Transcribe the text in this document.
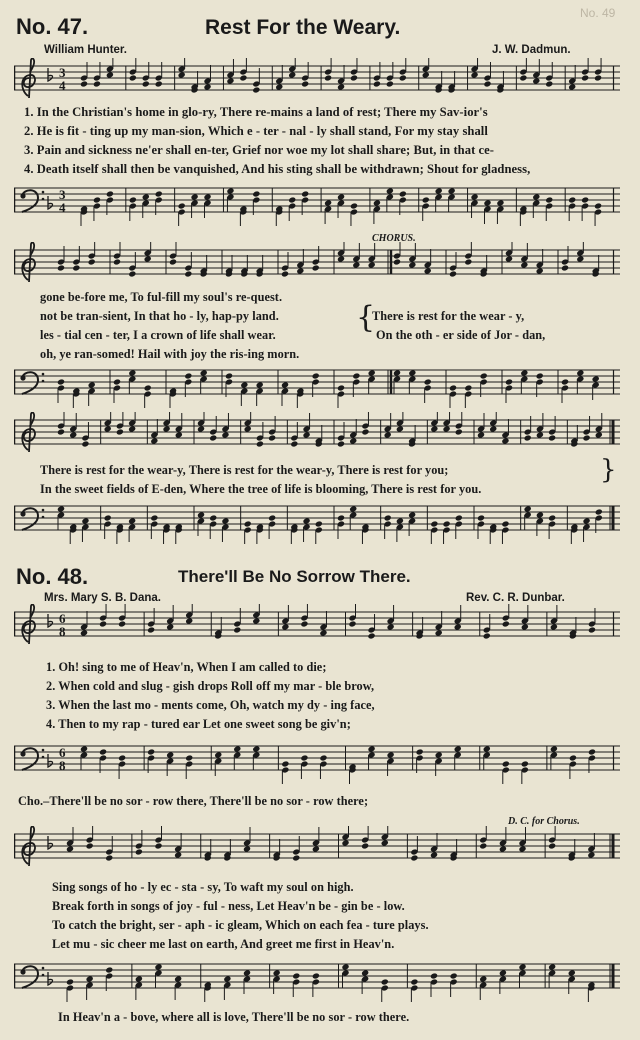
No. 49
No. 47.	Rest For the Weary.
William Hunter.	J. W. Dadmun.
3
4
1. In the Christian's home in glo-ry, There re-mains a land of rest; There my Sav-ior's
2. He is fit - ting up my man-sion, Which e - ter - nal - ly shall stand, For my stay shall
3. Pain and sickness ne'er shall en-ter, Grief nor woe my lot shall share; But, in that ce-
4. Death itself shall then be vanquished, And his sting shall be withdrawn; Shout for gladness,
3
4
CHORUS.
gone be-fore me, To ful-fill my soul's re-quest.
not be tran-sient, In that ho - ly, hap-py land.
les - tial cen - ter, I a crown of life shall wear.
oh, ye ran-somed! Hail with joy the ris-ing morn.
{
There is rest for the wear - y,
On the oth - er side of Jor - dan,
There is rest for the wear-y, There is rest for the wear-y, There is rest for you;
In the sweet fields of E-den, Where the tree of life is blooming, There is rest for you.
}
No. 48.	There'll Be No Sorrow There.
Mrs. Mary S. B. Dana.	Rev. C. R. Dunbar.
6
8
1. Oh! sing to me of Heav'n, When I am called to die;
2. When cold and slug - gish drops Roll off my mar - ble brow,
3. When the last mo - ments come, Oh, watch my dy - ing face,
4. Then to my rap - tured ear Let one sweet song be giv'n;
6
8
Cho.–There'll be no sor - row there, There'll be no sor - row there;
D. C. for Chorus.
Sing songs of ho - ly ec - sta - sy, To waft my soul on high.
Break forth in songs of joy - ful - ness, Let Heav'n be - gin be - low.
To catch the bright, ser - aph - ic gleam, Which on each fea - ture plays.
Let mu - sic cheer me last on earth, And greet me first in Heav'n.
In Heav'n a - bove, where all is love, There'll be no sor - row there.
